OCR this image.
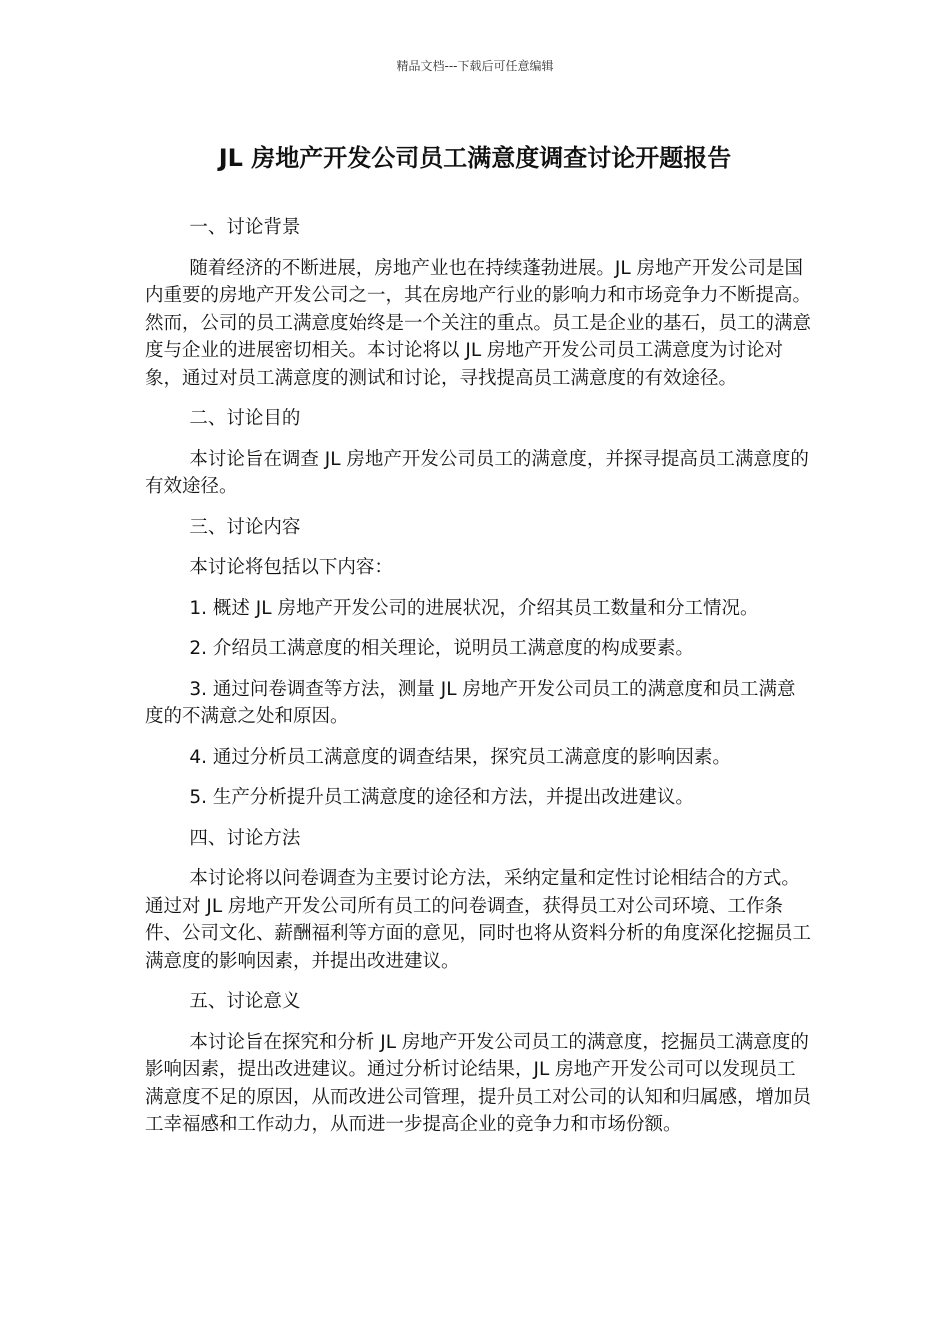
精品文档---下载后可任意编辑
JL 房地产开发公司员工满意度调查讨论开题报告

一、讨论背景

随着经济的不断进展，房地产业也在持续蓬勃进展。JL 房地产开发公司是国内重要的房地产开发公司之一，其在房地产行业的影响力和市场竞争力不断提高。然而，公司的员工满意度始终是一个关注的重点。员工是企业的基石，员工的满意度与企业的进展密切相关。本讨论将以 JL 房地产开发公司员工满意度为讨论对象，通过对员工满意度的测试和讨论，寻找提高员工满意度的有效途径。

二、讨论目的

本讨论旨在调查 JL 房地产开发公司员工的满意度，并探寻提高员工满意度的有效途径。

三、讨论内容

本讨论将包括以下内容：

1. 概述 JL 房地产开发公司的进展状况，介绍其员工数量和分工情况。

2. 介绍员工满意度的相关理论，说明员工满意度的构成要素。

3. 通过问卷调查等方法，测量 JL 房地产开发公司员工的满意度和员工满意度的不满意之处和原因。

4. 通过分析员工满意度的调查结果，探究员工满意度的影响因素。

5. 生产分析提升员工满意度的途径和方法，并提出改进建议。

四、讨论方法

本讨论将以问卷调查为主要讨论方法，采纳定量和定性讨论相结合的方式。通过对 JL 房地产开发公司所有员工的问卷调查，获得员工对公司环境、工作条件、公司文化、薪酬福利等方面的意见，同时也将从资料分析的角度深化挖掘员工满意度的影响因素，并提出改进建议。

五、讨论意义

本讨论旨在探究和分析 JL 房地产开发公司员工的满意度，挖掘员工满意度的影响因素，提出改进建议。通过分析讨论结果，JL 房地产开发公司可以发现员工满意度不足的原因，从而改进公司管理，提升员工对公司的认知和归属感，增加员工幸福感和工作动力，从而进一步提高企业的竞争力和市场份额。
